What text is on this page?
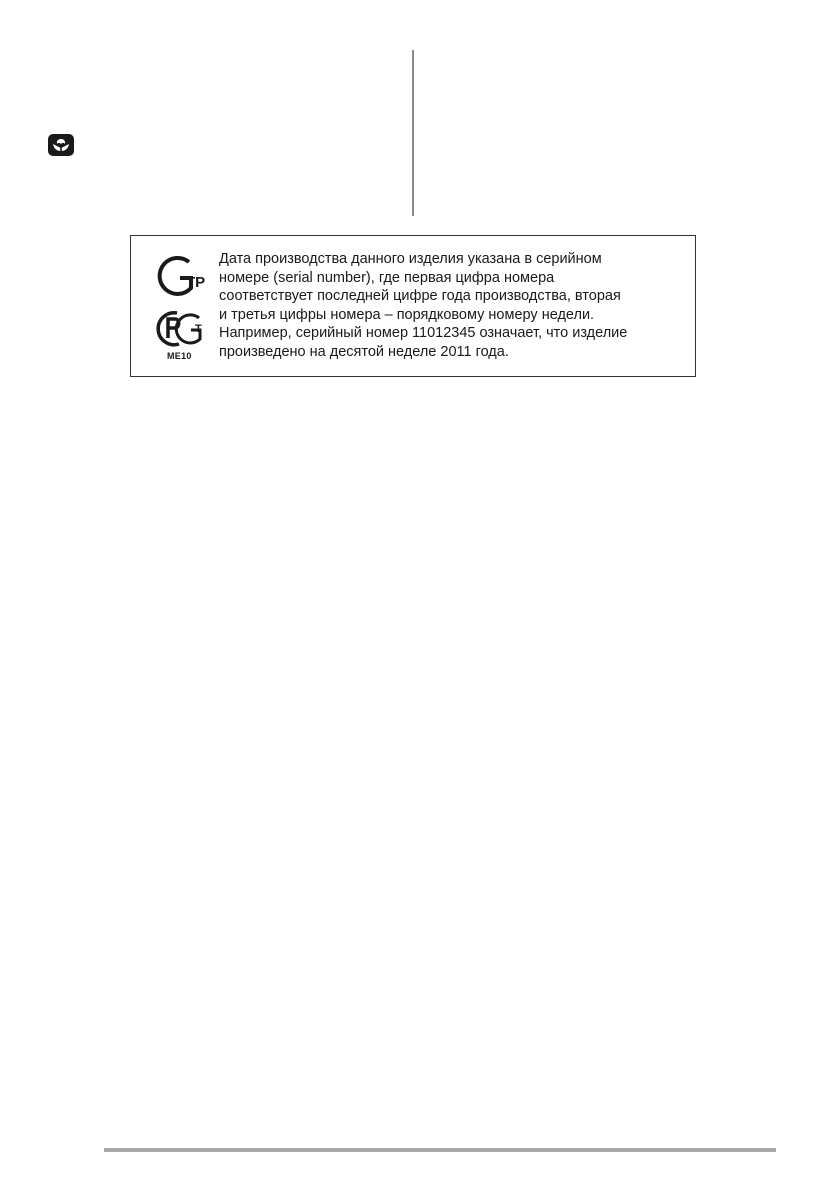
ТР
Т
ME10
Дата производства данного изделия указана в серийном
номере (serial number), где первая цифра номера
соответствует последней цифре года производства, вторая
и третья цифры номера – порядковому номеру недели.
Например, серийный номер 11012345 означает, что изделие
произведено на десятой неделе 2011 года.
